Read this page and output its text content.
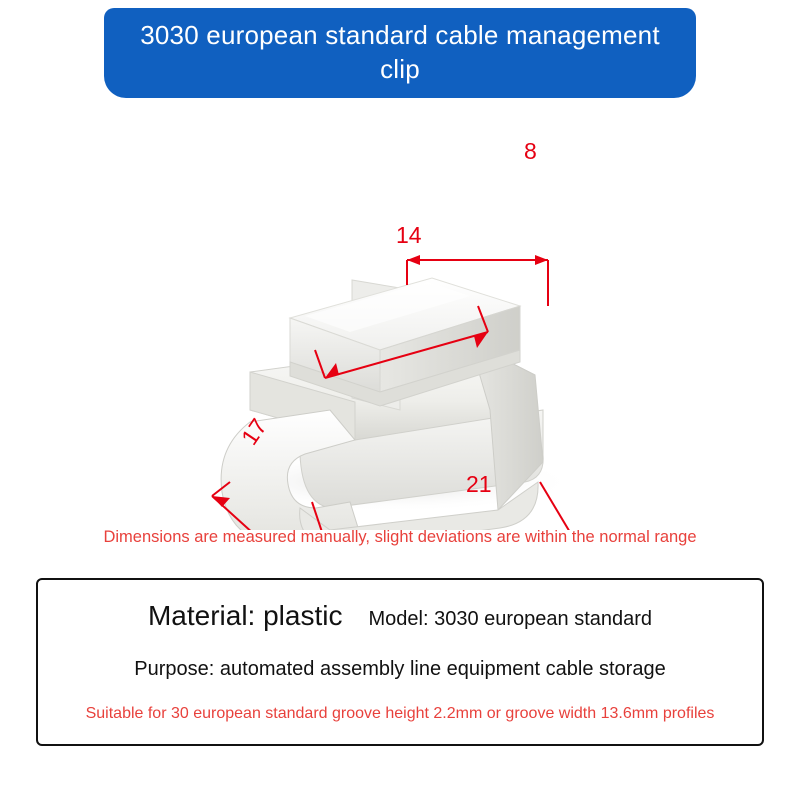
3030 european standard cable management clip
8
14
17
21
Dimensions are measured manually, slight deviations are within the normal range
Material: plastic Model: 3030 european standard
Purpose: automated assembly line equipment cable storage
Suitable for 30 european standard groove height 2.2mm or groove width 13.6mm profiles
